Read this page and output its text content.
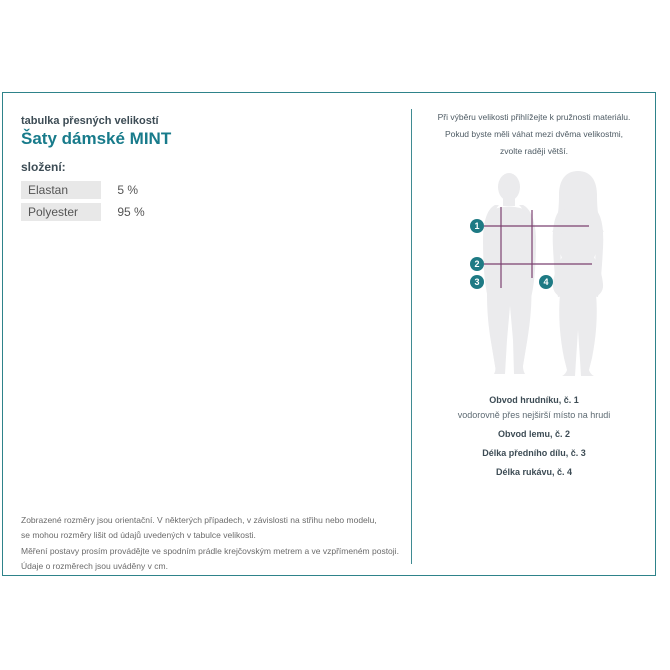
tabulka přesných velikostí
Šaty dámské MINT
složení:
Elastan	5 %
Polyester	95 %
Zobrazené rozměry jsou orientační. V některých případech, v závislosti na střihu nebo modelu,
se mohou rozměry lišit od údajů uvedených v tabulce velikosti.
Měření postavy prosím provádějte ve spodním prádle krejčovským metrem a ve vzpřímeném postoji.
Údaje o rozměrech jsou uváděny v cm.
Při výběru velikosti přihlížejte k pružnosti materiálu.
Pokud byste měli váhat mezi dvěma velikostmi,
zvolte raději větší.
1
2
3	4
Obvod hrudníku, č. 1
vodorovně přes nejširší místo na hrudi
Obvod lemu, č. 2
Délka předního dílu, č. 3
Délka rukávu, č. 4
